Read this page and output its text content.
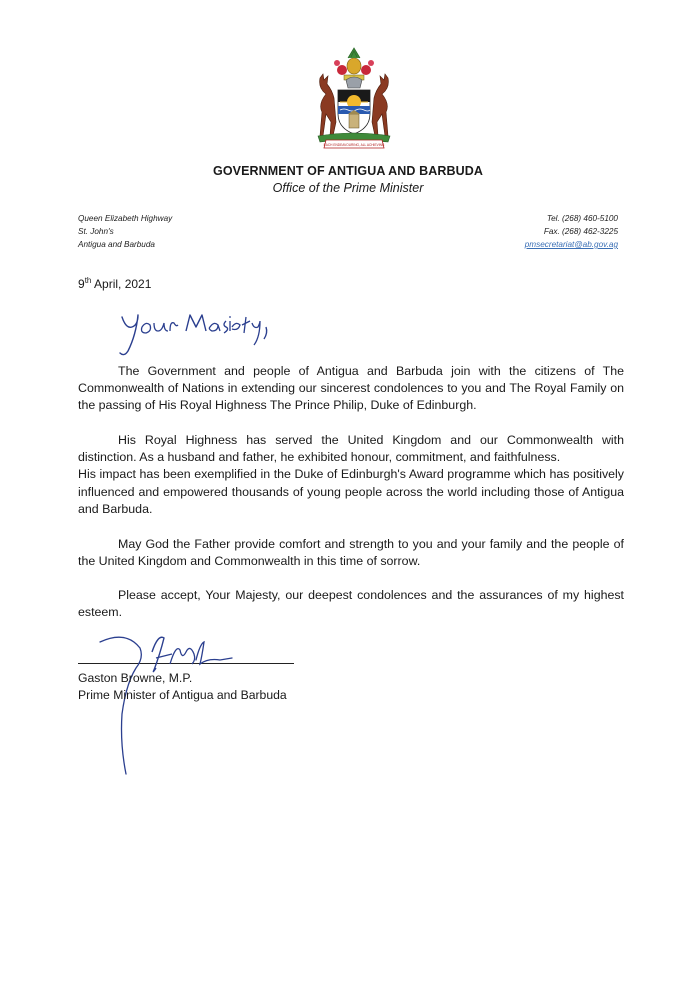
EACH ENDEAVOURING, ALL ACHIEVING
GOVERNMENT OF ANTIGUA AND BARBUDA
Office of the Prime Minister
Queen Elizabeth Highway
St. John's
Antigua and Barbuda
Tel. (268) 460-5100
Fax. (268) 462-3225
pmsecretariat@ab.gov.ag
9th April, 2021
The Government and people of Antigua and Barbuda join with the citizens of The Commonwealth of Nations in extending our sincerest condolences to you and The Royal Family on the passing of His Royal Highness The Prince Philip, Duke of Edinburgh.
His Royal Highness has served the United Kingdom and our Commonwealth with distinction. As a husband and father, he exhibited honour, commitment, and faithfulness.
His impact has been exemplified in the Duke of Edinburgh's Award programme which has positively influenced and empowered thousands of young people across the world including those of Antigua and Barbuda.
May God the Father provide comfort and strength to you and your family and the people of the United Kingdom and Commonwealth in this time of sorrow.
Please accept, Your Majesty, our deepest condolences and the assurances of my highest esteem.
Gaston Browne, M.P.
Prime Minister of Antigua and Barbuda
